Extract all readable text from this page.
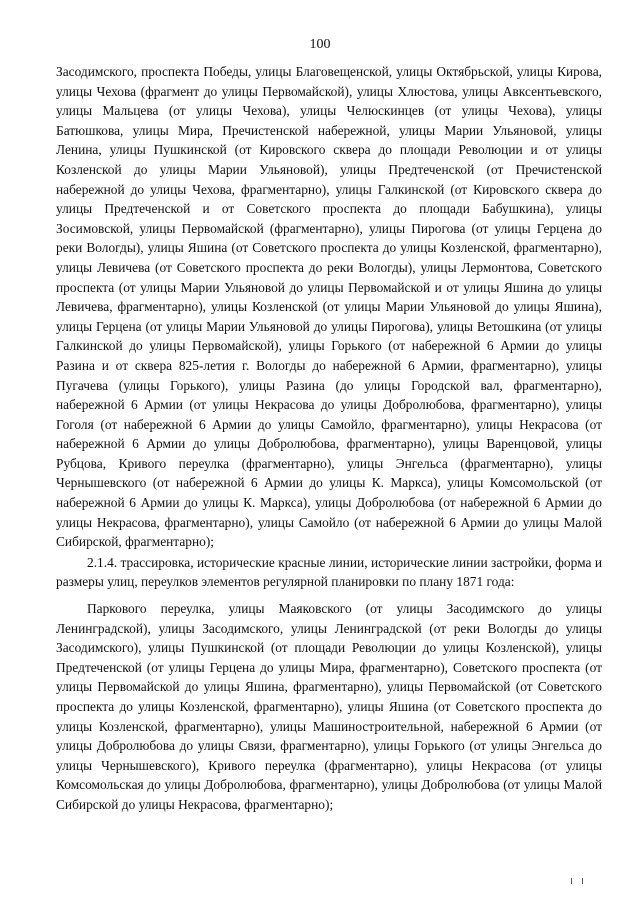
100

Засодимского, проспекта Победы, улицы Благовещенской, улицы Октябрьской, улицы Кирова, улицы Чехова (фрагмент до улицы Первомайской), улицы Хлюстова, улицы Авксентьевского, улицы Мальцева (от улицы Чехова), улицы Челюскинцев (от улицы Чехова), улицы Батюшкова, улицы Мира, Пречистенской набережной, улицы Марии Ульяновой, улицы Ленина, улицы Пушкинской (от Кировского сквера до площади Революции и от улицы Козленской до улицы Марии Ульяновой), улицы Предтеченской (от Пречистенской набережной до улицы Чехова, фрагментарно), улицы Галкинской (от Кировского сквера до улицы Предтеченской и от Советского проспекта до площади Бабушкина), улицы Зосимовской, улицы Первомайской (фрагментарно), улицы Пирогова (от улицы Герцена до реки Вологды), улицы Яшина (от Советского проспекта до улицы Козленской, фрагментарно), улицы Левичева (от Советского проспекта до реки Вологды), улицы Лермонтова, Советского проспекта (от улицы Марии Ульяновой до улицы Первомайской и от улицы Яшина до улицы Левичева, фрагментарно), улицы Козленской (от улицы Марии Ульяновой до улицы Яшина), улицы Герцена (от улицы Марии Ульяновой до улицы Пирогова), улицы Ветошкина (от улицы Галкинской до улицы Первомайской), улицы Горького (от набережной 6 Армии до улицы Разина и от сквера 825-летия г. Вологды до набережной 6 Армии, фрагментарно), улицы Пугачева (улицы Горького), улицы Разина (до улицы Городской вал, фрагментарно), набережной 6 Армии (от улицы Некрасова до улицы Добролюбова, фрагментарно), улицы Гоголя (от набережной 6 Армии до улицы Самойло, фрагментарно), улицы Некрасова (от набережной 6 Армии до улицы Добролюбова, фрагментарно), улицы Варенцовой, улицы Рубцова, Кривого переулка (фрагментарно), улицы Энгельса (фрагментарно), улицы Чернышевского (от набережной 6 Армии до улицы К. Маркса), улицы Комсомольской (от набережной 6 Армии до улицы К. Маркса), улицы Добролюбова (от набережной 6 Армии до улицы Некрасова, фрагментарно), улицы Самойло (от набережной 6 Армии до улицы Малой Сибирской, фрагментарно);

2.1.4. трассировка, исторические красные линии, исторические линии застройки, форма и размеры улиц, переулков элементов регулярной планировки по плану 1871 года:

Паркового переулка, улицы Маяковского (от улицы Засодимского до улицы Ленинградской), улицы Засодимского, улицы Ленинградской (от реки Вологды до улицы Засодимского), улицы Пушкинской (от площади Революции до улицы Козленской), улицы Предтеченской (от улицы Герцена до улицы Мира, фрагментарно), Советского проспекта (от улицы Первомайской до улицы Яшина, фрагментарно), улицы Первомайской (от Советского проспекта до улицы Козленской, фрагментарно), улицы Яшина (от Советского проспекта до улицы Козленской, фрагментарно), улицы Машиностроительной, набережной 6 Армии (от улицы Добролюбова до улицы Связи, фрагментарно), улицы Горького (от улицы Энгельса до улицы Чернышевского), Кривого переулка (фрагментарно), улицы Некрасова (от улицы Комсомольская до улицы Добролюбова, фрагментарно), улицы Добролюбова (от улицы Малой Сибирской до улицы Некрасова, фрагментарно);
